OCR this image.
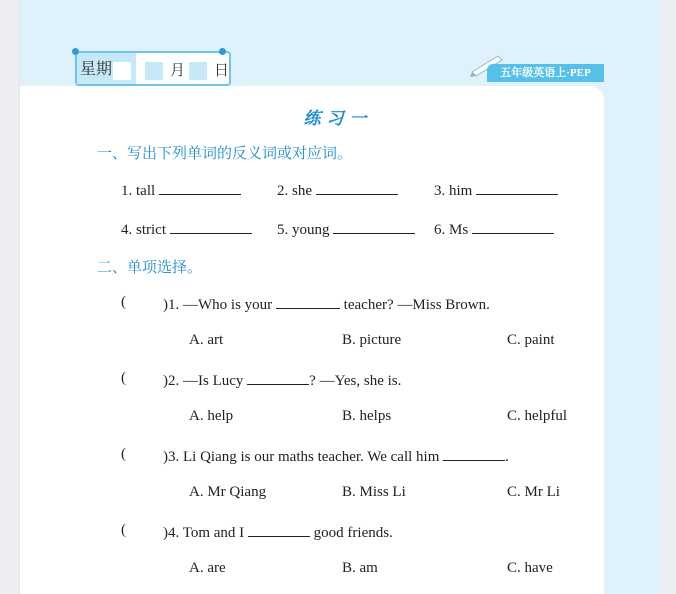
星期	月 日	五年级英语上·PEP
练习一
一、写出下列单词的反义词或对应词。
1. tall	2. she	3. him
4. strict	5. young	6. Ms
二、单项选择。
( )1. —Who is your	teacher? —Miss Brown.
A. art	B. picture	C. paint
( )2. —Is Lucy	? —Yes, she is.
A. help	B. helps	C. helpful
( )3. Li Qiang is our maths teacher. We call him	.
A. Mr Qiang	B. Miss Li	C. Mr Li
( )4. Tom and I	good friends.
A. are	B. am	C. have
